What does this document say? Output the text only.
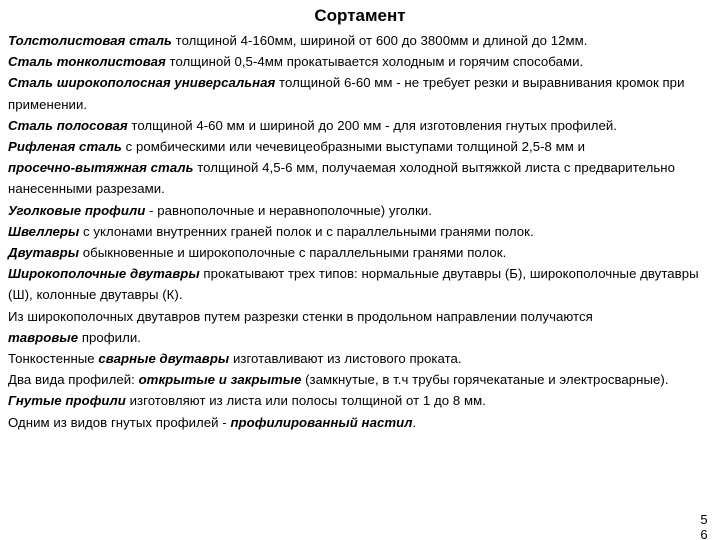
Сортамент

Толстолистовая сталь толщиной 4-160мм, шириной от 600 до 3800мм и длиной до 12мм.

Сталь тонколистовая толщиной 0,5-4мм прокатывается холодным и горячим способами.

Сталь широкополосная универсальная толщиной 6-60 мм - не требует резки и выравнивания кромок при применении.

Сталь полосовая толщиной 4-60 мм и шириной до 200 мм - для изготовления гнутых профилей.

Рифленая сталь с ромбическими или чечевицеобразными выступами толщиной 2,5-8 мм и

просечно-вытяжная сталь толщиной 4,5-6 мм, получаемая холодной вытяжкой листа с предварительно нанесенными разрезами.

Уголковые профили - равнополочные и неравнополочные) уголки.

Швеллеры с уклонами внутренних граней полок и с параллельными гранями полок.

Двутавры обыкновенные и широкополочные с параллельными гранями полок.

Широкополочные двутавры прокатывают трех типов: нормальные двутавры (Б), широкополочные двутавры (Ш), колонные двутавры (К).

Из широкополочных двутавров путем разрезки стенки в продольном направлении получаются

тавровые профили.

Тонкостенные сварные двутавры изготавливают из листового проката.

Два вида профилей: открытые и закрытые (замкнутые, в т.ч трубы горячекатаные и электросварные).

Гнутые профили изготовляют из листа или полосы толщиной от 1 до 8 мм.

Одним из видов гнутых профилей - профилированный настил.

5
6
